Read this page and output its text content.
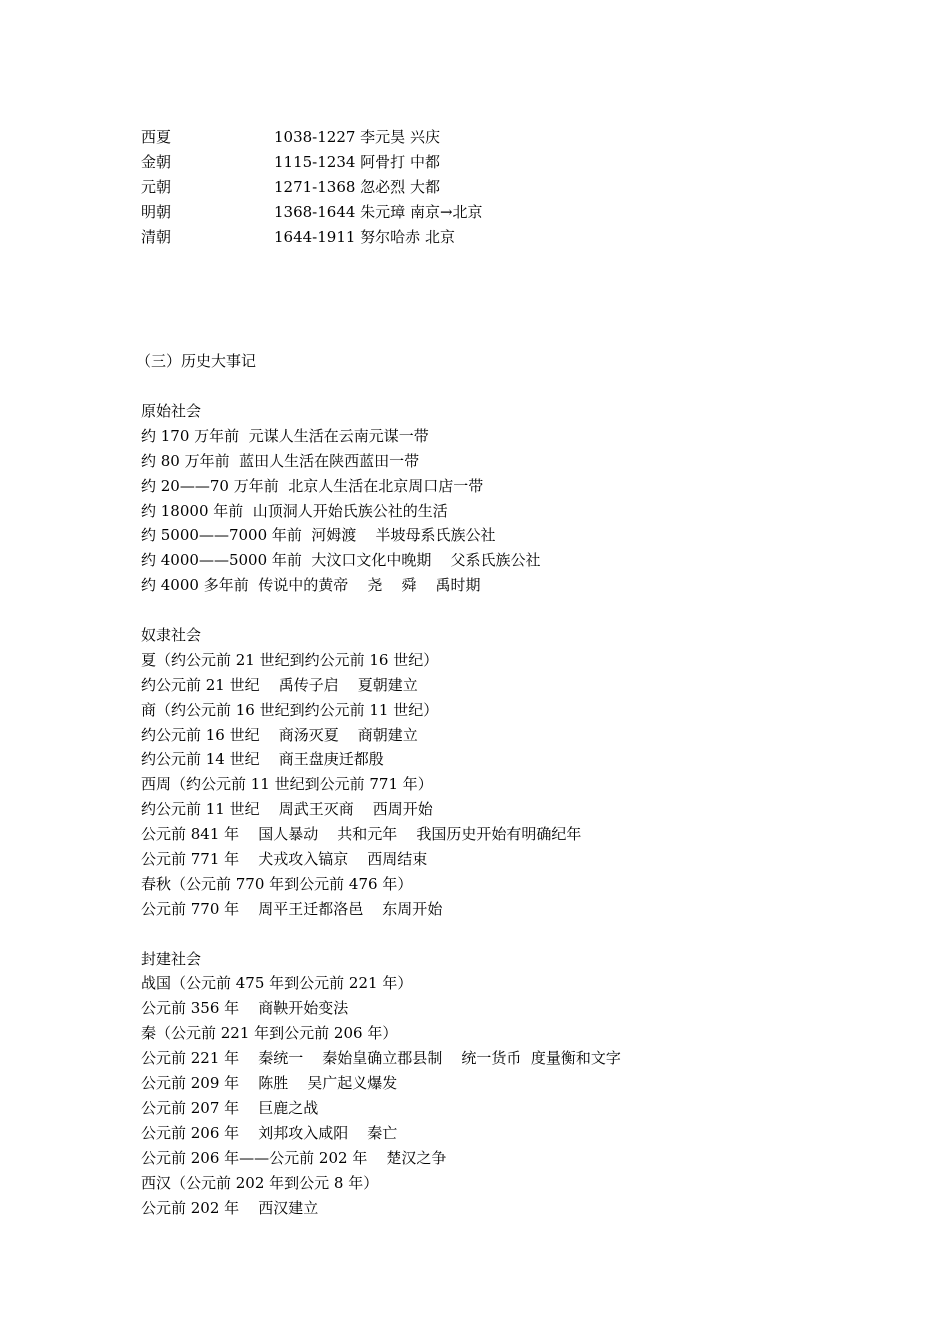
西夏	1038-1227 李元昊 兴庆
金朝	1115-1234 阿骨打 中都
元朝	1271-1368 忽必烈 大都
明朝	1368-1644 朱元璋 南京→北京
清朝	1644-1911 努尔哈赤 北京
（三）历史大事记
原始社会
约 170 万年前  元谋人生活在云南元谋一带
约 80 万年前  蓝田人生活在陕西蓝田一带
约 20——70 万年前  北京人生活在北京周口店一带
约 18000 年前  山顶洞人开始氏族公社的生活
约 5000——7000 年前  河姆渡    半坡母系氏族公社
约 4000——5000 年前  大汶口文化中晚期    父系氏族公社
约 4000 多年前  传说中的黄帝    尧    舜    禹时期
奴隶社会
夏（约公元前 21 世纪到约公元前 16 世纪）
约公元前 21 世纪    禹传子启    夏朝建立
商（约公元前 16 世纪到约公元前 11 世纪）
约公元前 16 世纪    商汤灭夏    商朝建立
约公元前 14 世纪    商王盘庚迁都殷
西周（约公元前 11 世纪到公元前 771 年）
约公元前 11 世纪    周武王灭商    西周开始
公元前 841 年    国人暴动    共和元年    我国历史开始有明确纪年
公元前 771 年    犬戎攻入镐京    西周结束
春秋（公元前 770 年到公元前 476 年）
公元前 770 年    周平王迁都洛邑    东周开始
封建社会
战国（公元前 475 年到公元前 221 年）
公元前 356 年    商鞅开始变法
秦（公元前 221 年到公元前 206 年）
公元前 221 年    秦统一    秦始皇确立郡县制    统一货币  度量衡和文字
公元前 209 年    陈胜    吴广起义爆发
公元前 207 年    巨鹿之战
公元前 206 年    刘邦攻入咸阳    秦亡
公元前 206 年——公元前 202 年    楚汉之争
西汉（公元前 202 年到公元 8 年）
公元前 202 年    西汉建立
